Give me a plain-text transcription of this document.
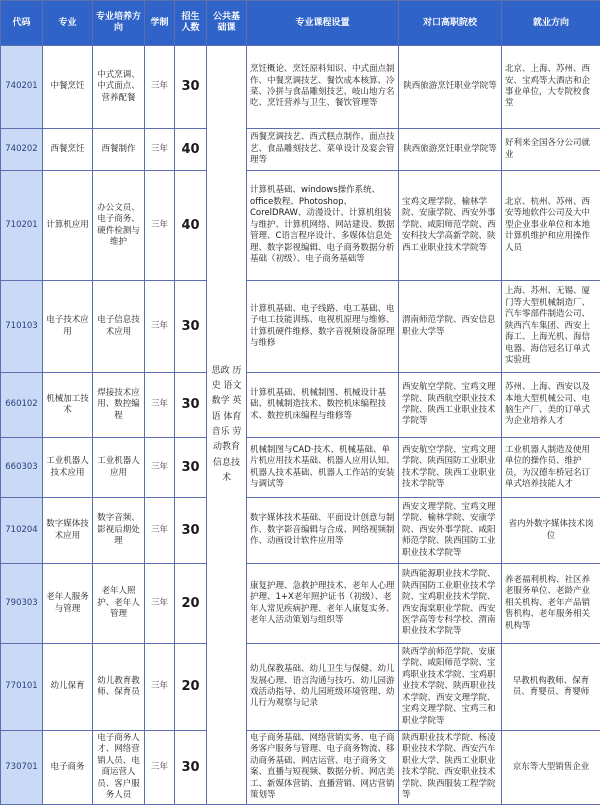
代码	专业	专业培养方向	学制	招生人数	公共基础课	专业课程设置	对口高职院校	就业方向
740201	中餐烹饪	中式烹调、中式面点、营养配餐	三年	30	思政 历史 语文 数学 英语 体育 音乐 劳动教育 信息技术	烹饪概论、烹饪原料知识、中式面点制作、中餐烹调技艺、餐饮成本核算、冷菜、冷拼与食品雕刻技艺、岐山地方名吃、烹饪营养与卫生、餐饮管理等	陕西旅游烹饪职业学院等	北京、上海、苏州、西安、宝鸡等大酒店和企事业单位，大专院校食堂
740202	西餐烹饪	西餐制作	三年	40		西餐烹调技艺、西式糕点制作、面点技艺、食品雕刻技艺、菜单设计及宴会管理等	陕西旅游烹饪职业学院等	好利来全国各分公司就业
710201	计算机应用	办公文员、电子商务、硬件检测与维护	三年	40		计算机基础、windows操作系统、office数程、Photoshop、CorelDRAW、动漫设计、计算机组装与维护、计算机网络、网站建设、数据管理、C语言程序设计、多媒体信息处理、数字影视编辑、电子商务数据分析基础（初级）、电子商务基础等	宝鸡文理学院、榆林学院、安康学院、西安外事学院、咸阳师范学院、西安科技大学高新学院、陕西工业职业技术学院等	北京、杭州、苏州、西安等地软件公司及大中型企业事业单位和本地计算机维护和应用操作人员
710103	电子技术应用	电子信息技术应用	三年	30		计算机基础、电子线路、电工基础、电子电工技能训练、电视机原理与维修、计算机硬件维修、数字音视频设备原理与维修	渭南师范学院、西安信息职业大学等	上海、苏州、无锡、厦门等大型机械制造厂、汽车零部件制造公司、陕西汽车集团、西安上海工、上海光机、海信电器、海信冠名订单式实验班
660102	机械加工技术	焊接技术应用、数控编程	三年	30		计算机基础、机械制图、机械设计基础、机械制造技术、数控机床编程技术、数控机床编程与维修等	西安航空学院、宝鸡文理学院、陕西航空职业技术学院、陕西工业职业技术学院等	苏州、上海、西安以及本地大型机械公司、电脑生产厂、美的订单式为企业培养人才
660303	工业机器人技术应用	工业机器人应用	三年	30		机械制图与CAD·技术、机械基础、单片机应用技术基础、机器人应用认知、机器人技术基础、机器人工作站的安装与调试等	西安航空学院、宝鸡文理学院、陕西国防工业职业技术学院、陕西工业职业技术学院等	工业机器人制造及使用单位的操作员、维护员，为汉德车桥冠名订单式培养技能人才
710204	数字媒体技术应用	数字音频、影视后期处理	三年	30		数字媒体技术基础、平面设计创意与制作、数字影音编辑与合成、网络视频制作、动画设计软件应用等	西安文理学院、宝鸡文理学院、榆林学院、安康学院、西安外事学院、咸阳师范学院、陕西国防工业职业技术学院等	省内外数字媒体技术岗位
790303	老年人服务与管理	老年人照护、老年人管理	三年	20		康复护理、急救护理技术、老年人心理护理、1+X老年照护证书（初级）、老年人常见疾病护理、老年人康复实务、老年人活动策划与组织等	陕西能源职业技术学院、陕西国防工业职业技术学院、宝鸡职业技术学院、西安海棠职业学院、西安医学高等专科学校、渭南职业技术学院等	养老福利机构、社区养老服务单位、老龄产业相关机构、老年产品销售机构、老年服务相关机构等
770101	幼儿保育	幼儿教育教师、保育员	三年	20		幼儿保教基础、幼儿卫生与保健、幼儿发展心理、语言沟通与技巧、幼儿园游戏活动指导、幼儿园班级环境管理、幼儿行为观察与记录	陕西学前师范学院、安康学院、咸阳师范学院、宝鸡职业技术学院、宝鸡职业技术学院、陕西职业技术学院、西安文理学院、宝鸡文理学院、宝鸡三和职业学院等	早教机构教师、保育员、育婴员、育婴师
730701	电子商务	电子商务人才、网络营销人员、电商运营人员、客户服务人员	三年	30		电子商务基础、网络营销实务、电子商务客户服务与管理、电子商务物流、移动商务基础、网店运营、电子商务文案、直播与短视频、数据分析、网店美工、新媒体营销、直播营销、网店营销策划等	陕西职业技术学院、杨凌职业技术学院、西安汽车职业大学、陕西工业职业技术学院、西安职业技术学院、陕西服装工程学院等	京东等大型销售企业
